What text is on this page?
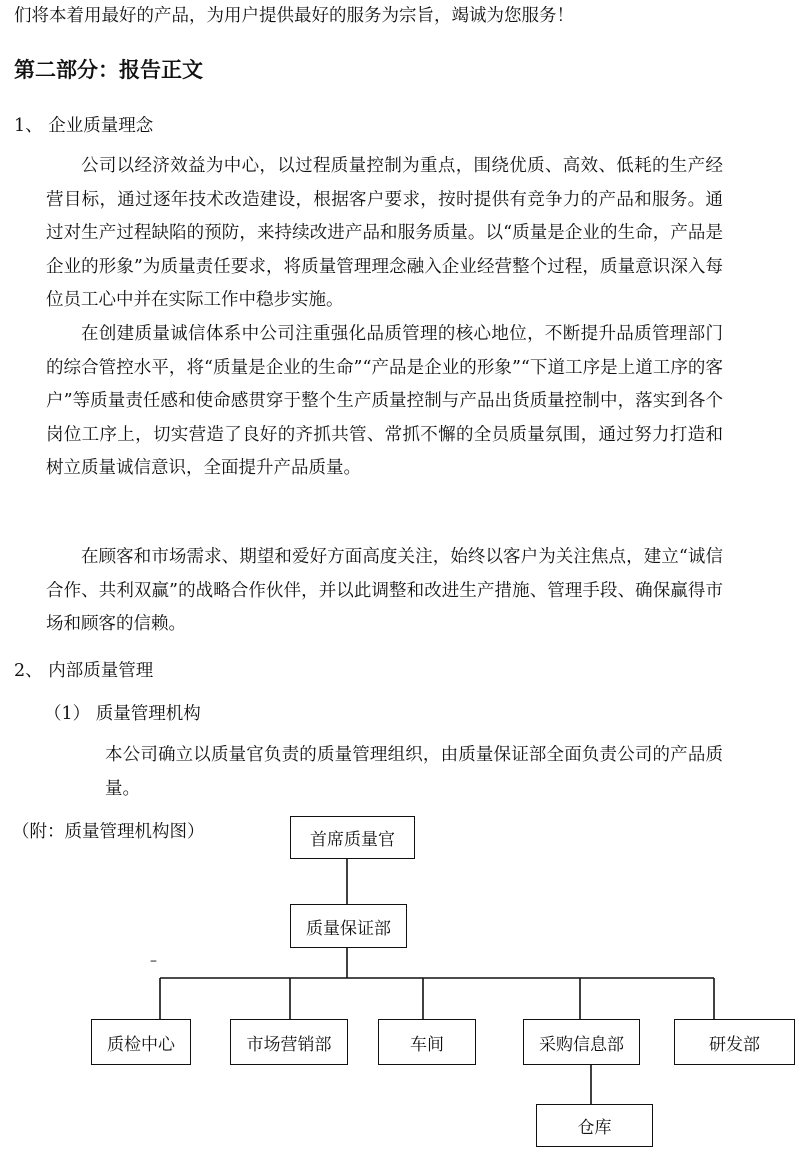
们将本着用最好的产品，为用户提供最好的服务为宗旨，竭诚为您服务！
第二部分：报告正文
1、 企业质量理念
公司以经济效益为中心，以过程质量控制为重点，围绕优质、高效、低耗的生产经营目标，通过逐年技术改造建设，根据客户要求，按时提供有竞争力的产品和服务。通过对生产过程缺陷的预防，来持续改进产品和服务质量。以“质量是企业的生命，产品是企业的形象”为质量责任要求，将质量管理理念融入企业经营整个过程，质量意识深入每位员工心中并在实际工作中稳步实施。
在创建质量诚信体系中公司注重强化品质管理的核心地位，不断提升品质管理部门的综合管控水平，将“质量是企业的生命”“产品是企业的形象”“下道工序是上道工序的客户”等质量责任感和使命感贯穿于整个生产质量控制与产品出货质量控制中，落实到各个岗位工序上，切实营造了良好的齐抓共管、常抓不懈的全员质量氛围，通过努力打造和树立质量诚信意识，全面提升产品质量。
在顾客和市场需求、期望和爱好方面高度关注，始终以客户为关注焦点，建立“诚信合作、共利双赢”的战略合作伙伴，并以此调整和改进生产措施、管理手段、确保赢得市场和顾客的信赖。
2、 内部质量管理
（1） 质量管理机构
本公司确立以质量官负责的质量管理组织，由质量保证部全面负责公司的产品质量。
（附：质量管理机构图）
–
首席质量官
质量保证部
质检中心	市场营销部	车间	采购信息部	研发部
仓库
